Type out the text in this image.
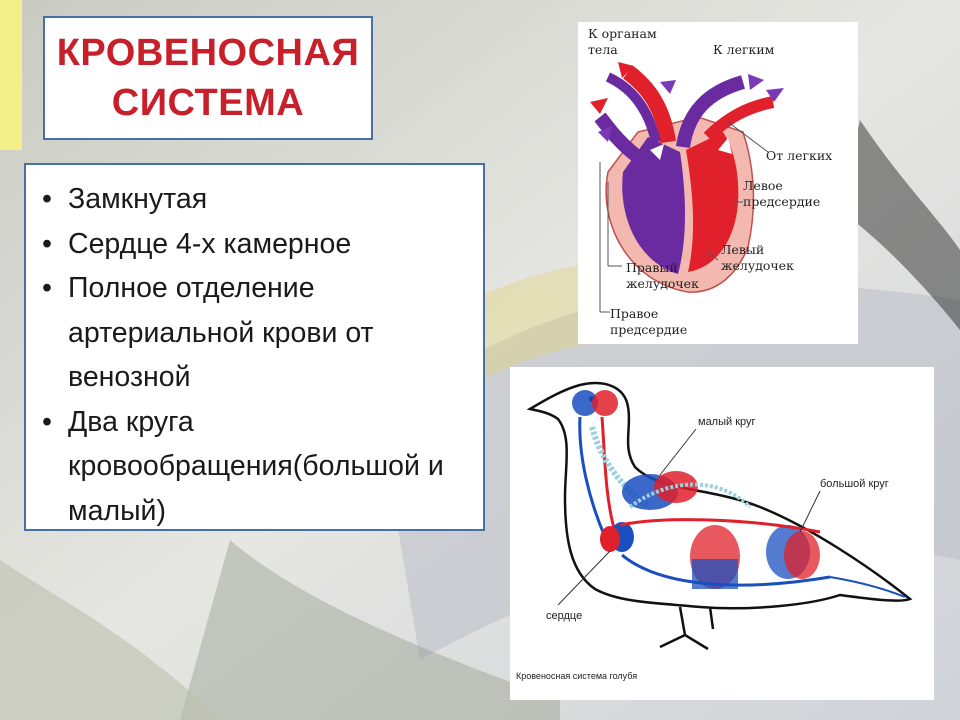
КРОВЕНОСНАЯ
СИСТЕМА
• Замкнутая
• Сердце 4-х камерное
• Полное отделение артериальной крови от венозной
• Два круга кровообращения(большой и малый)
К органам
тела	К легким
От легких
Левое
предсердие
Левый
желудочек
Правый
желудочек
Правое
предсердие
малый круг
большой круг
сердце
Кровеносная система голубя
